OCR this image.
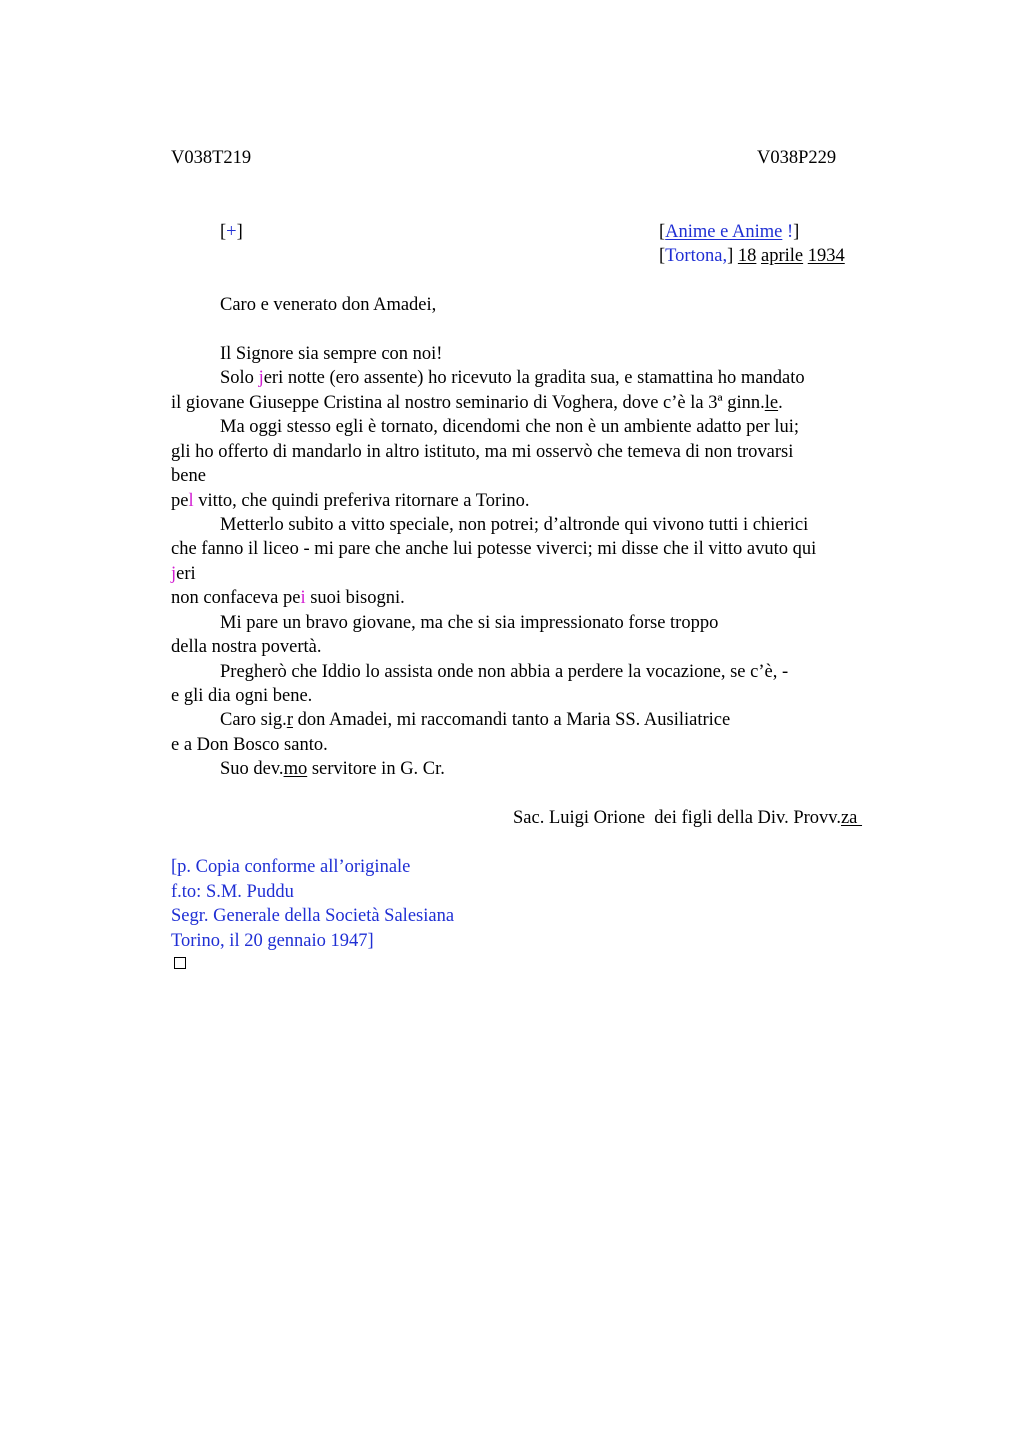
V038T219	V038P229
[+]	[Anime e Anime !]
[Tortona,] 18 aprile 1934
Caro e venerato don Amadei,
Il Signore sia sempre con noi!
Solo jeri notte (ero assente) ho ricevuto la gradita sua, e stamattina ho mandato
il giovane Giuseppe Cristina al nostro seminario di Voghera, dove c’è la 3ª ginn.le.
Ma oggi stesso egli è tornato, dicendomi che non è un ambiente adatto per lui;
gli ho offerto di mandarlo in altro istituto, ma mi osservò che temeva di non trovarsi
bene
pel vitto, che quindi preferiva ritornare a Torino.
Metterlo subito a vitto speciale, non potrei; d’altronde qui vivono tutti i chierici
che fanno il liceo - mi pare che anche lui potesse viverci; mi disse che il vitto avuto qui
jeri
non confaceva pei suoi bisogni.
Mi pare un bravo giovane, ma che si sia impressionato forse troppo
della nostra povertà.
Pregherò che Iddio lo assista onde non abbia a perdere la vocazione, se c’è, -
e gli dia ogni bene.
Caro sig.r don Amadei, mi raccomandi tanto a Maria SS. Ausiliatrice
e a Don Bosco santo.
Suo dev.mo servitore in G. Cr.
Sac. Luigi Orione  dei figli della Div. Provv.za
[p. Copia conforme all’originale
f.to: S.M. Puddu
Segr. Generale della Società Salesiana
Torino, il 20 gennaio 1947]
